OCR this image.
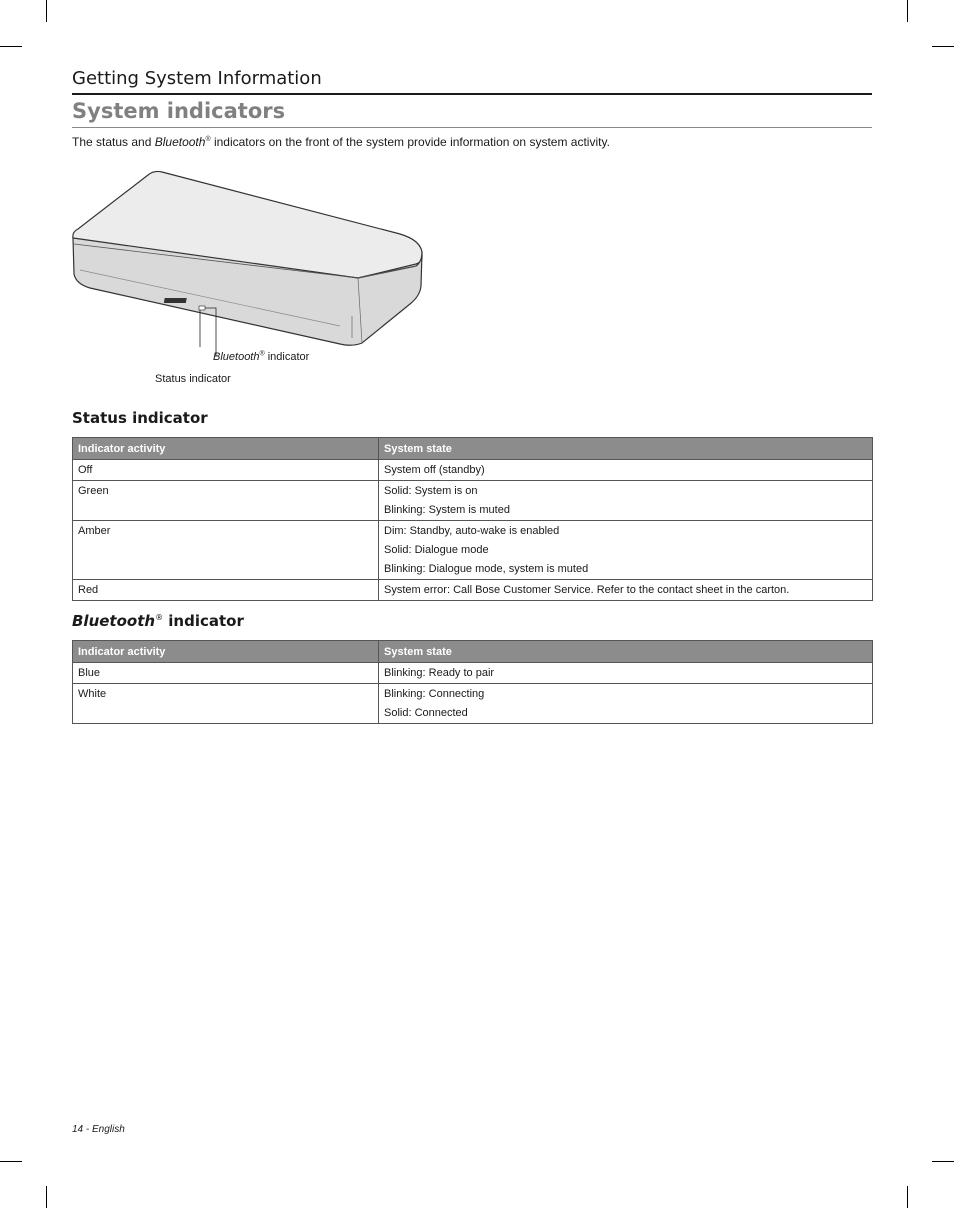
Getting System Information
System indicators
The status and Bluetooth® indicators on the front of the system provide information on system activity.
Bluetooth® indicator
Status indicator
Status indicator
Indicator activity	System state
Off	System off (standby)

Green	Solid: System is on
Blinking: System is muted

Amber	Dim: Standby, auto-wake is enabled
Solid: Dialogue mode
Blinking: Dialogue mode, system is muted

Red	System error: Call Bose Customer Service. Refer to the contact sheet in the carton.
Bluetooth® indicator
Indicator activity	System state
Blue	Blinking: Ready to pair

White	Blinking: Connecting
Solid: Connected
14 - English
